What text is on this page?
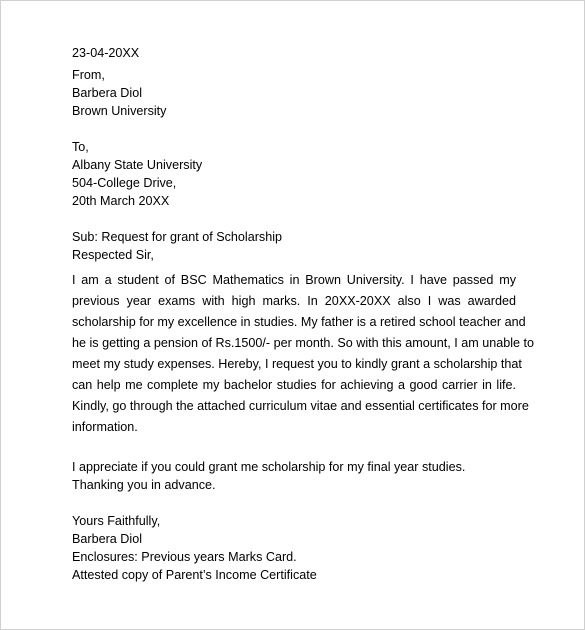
23-04-20XX
From,
Barbera Diol
Brown University
To,
Albany State University
504-College Drive,
20th March 20XX
Sub: Request for grant of Scholarship
Respected Sir,
I am a student of BSC Mathematics in Brown University. I have passed my
previous year exams with high marks. In 20XX-20XX also I was awarded
scholarship for my excellence in studies. My father is a retired school teacher and
he is getting a pension of Rs.1500/- per month. So with this amount, I am unable to
meet my study expenses. Hereby, I request you to kindly grant a scholarship that
can help me complete my bachelor studies for achieving a good carrier in life.
Kindly, go through the attached curriculum vitae and essential certificates for more
information.
I appreciate if you could grant me scholarship for my final year studies.
Thanking you in advance.
Yours Faithfully,
Barbera Diol
Enclosures: Previous years Marks Card.
Attested copy of Parent’s Income Certificate
